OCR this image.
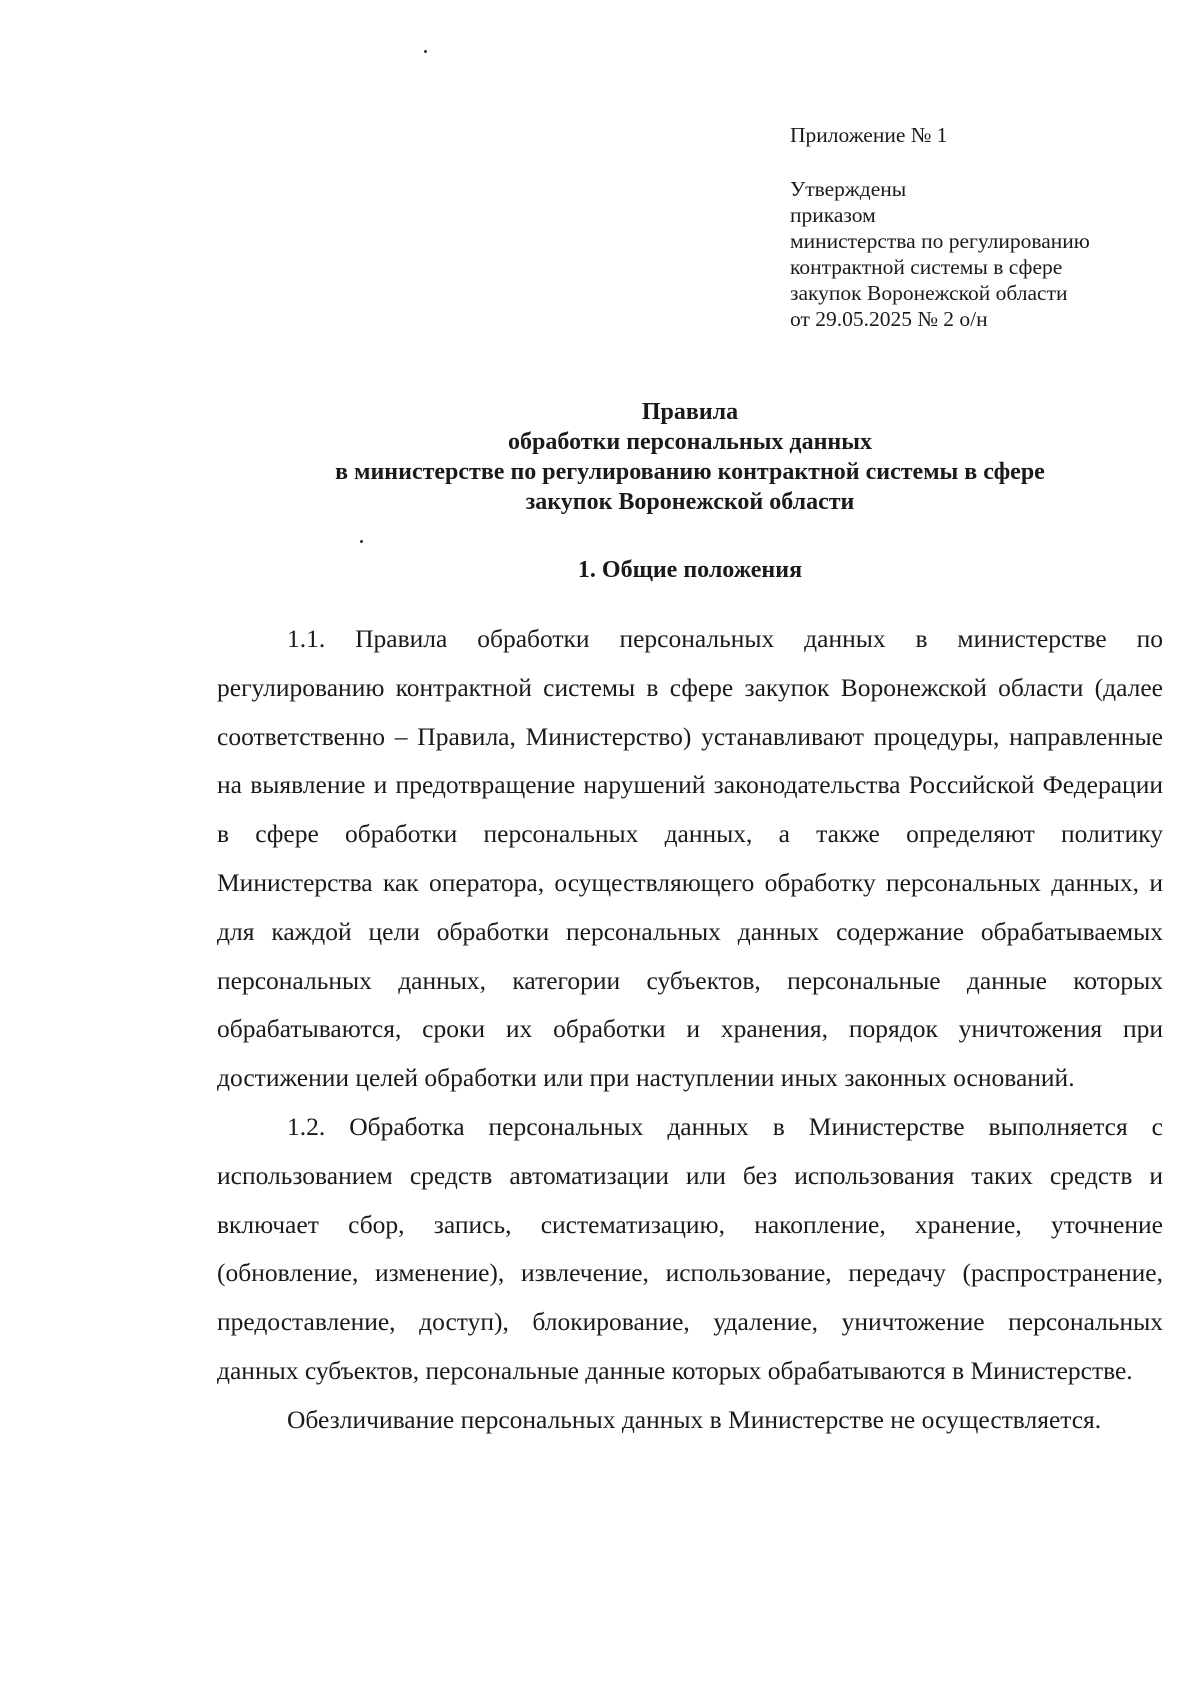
Приложение № 1
Утверждены
приказом
министерства по регулированию
контрактной системы в сфере
закупок Воронежской области
от 29.05.2025 № 2 о/н
Правила
обработки персональных данных
в министерстве по регулированию контрактной системы в сфере
закупок Воронежской области
1. Общие положения

1.1. Правила обработки персональных данных в министерстве по регулированию контрактной системы в сфере закупок Воронежской области (далее соответственно – Правила, Министерство) устанавливают процедуры, направленные на выявление и предотвращение нарушений законодательства Российской Федерации в сфере обработки персональных данных, а также определяют политику Министерства как оператора, осуществляющего обработку персональных данных, и для каждой цели обработки персональных данных содержание обрабатываемых персональных данных, категории субъектов, персональные данные которых обрабатываются, сроки их обработки и хранения, порядок уничтожения при достижении целей обработки или при наступлении иных законных оснований.

1.2. Обработка персональных данных в Министерстве выполняется с использованием средств автоматизации или без использования таких средств и включает сбор, запись, систематизацию, накопление, хранение, уточнение (обновление, изменение), извлечение, использование, передачу (распространение, предоставление, доступ), блокирование, удаление, уничтожение персональных данных субъектов, персональные данные которых обрабатываются в Министерстве.

Обезличивание персональных данных в Министерстве не осуществляется.
